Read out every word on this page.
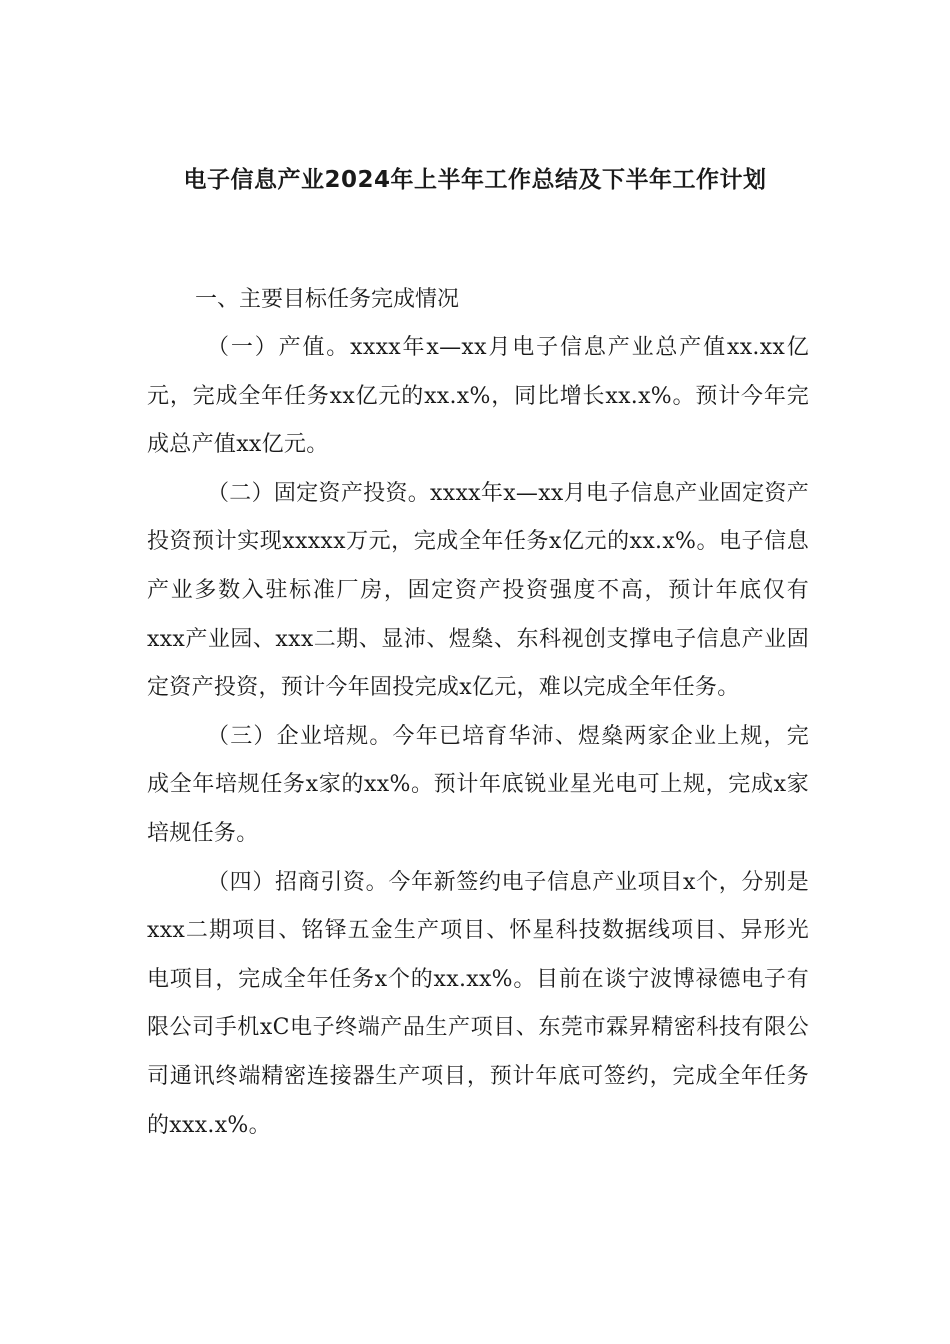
电子信息产业2024年上半年工作总结及下半年工作计划

一、主要目标任务完成情况

（一）产值。xxxx年x—xx月电子信息产业总产值xx.xx亿元，完成全年任务xx亿元的xx.x%，同比增长xx.x%。预计今年完成总产值xx亿元。

（二）固定资产投资。xxxx年x—xx月电子信息产业固定资产投资预计实现xxxxx万元，完成全年任务x亿元的xx.x%。电子信息产业多数入驻标准厂房，固定资产投资强度不高，预计年底仅有xxx产业园、xxx二期、显沛、煜燊、东科视创支撑电子信息产业固定资产投资，预计今年固投完成x亿元，难以完成全年任务。

（三）企业培规。今年已培育华沛、煜燊两家企业上规，完成全年培规任务x家的xx%。预计年底锐业星光电可上规，完成x家培规任务。

（四）招商引资。今年新签约电子信息产业项目x个，分别是xxx二期项目、铭铎五金生产项目、怀星科技数据线项目、异形光电项目，完成全年任务x个的xx.xx%。目前在谈宁波博禄德电子有限公司手机xC电子终端产品生产项目、东莞市霖昇精密科技有限公司通讯终端精密连接器生产项目，预计年底可签约，完成全年任务的xxx.x%。
